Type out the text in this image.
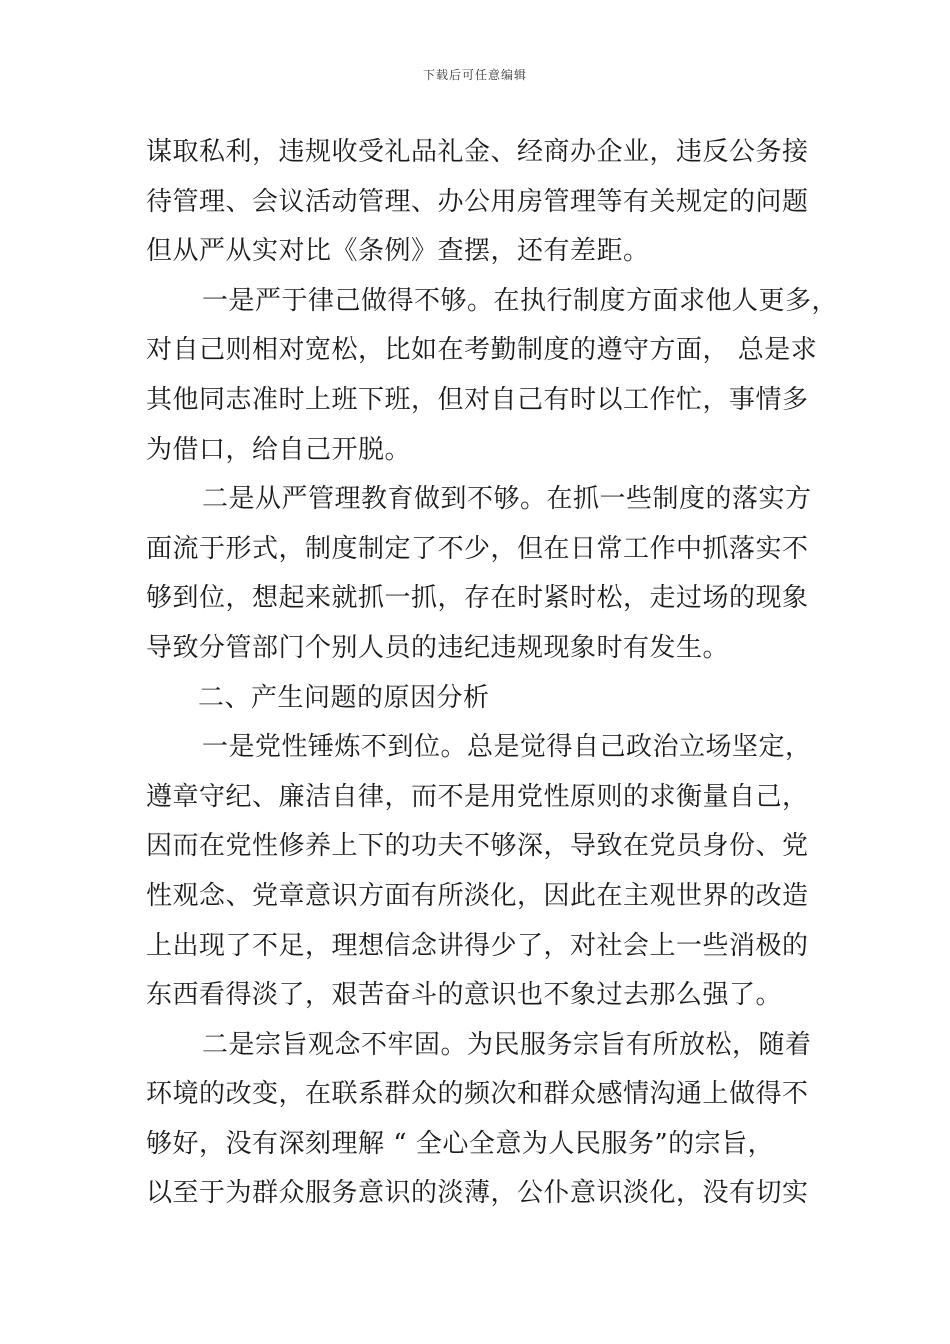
下载后可任意编辑
谋取私利，违规收受礼品礼金、经商办企业，违反公务接
待管理、会议活动管理、办公用房管理等有关规定的问题
但从严从实对比《条例》查摆，还有差距。
一是严于律己做得不够。在执行制度方面求他人更多，
对自己则相对宽松，比如在考勤制度的遵守方面， 总是求
其他同志准时上班下班，但对自己有时以工作忙，事情多
为借口，给自己开脱。
二是从严管理教育做到不够。在抓一些制度的落实方
面流于形式，制度制定了不少，但在日常工作中抓落实不
够到位，想起来就抓一抓，存在时紧时松，走过场的现象
导致分管部门个别人员的违纪违规现象时有发生。
二、产生问题的原因分析
一是党性锤炼不到位。总是觉得自己政治立场坚定，
遵章守纪、廉洁自律，而不是用党性原则的求衡量自己，
因而在党性修养上下的功夫不够深，导致在党员身份、党
性观念、党章意识方面有所淡化，因此在主观世界的改造
上出现了不足，理想信念讲得少了，对社会上一些消极的
东西看得淡了，艰苦奋斗的意识也不象过去那么强了。
二是宗旨观念不牢固。为民服务宗旨有所放松，随着
环境的改变，在联系群众的频次和群众感情沟通上做得不
够好，没有深刻理解 “ 全心全意为人民服务”的宗旨，
以至于为群众服务意识的淡薄，公仆意识淡化，没有切实
